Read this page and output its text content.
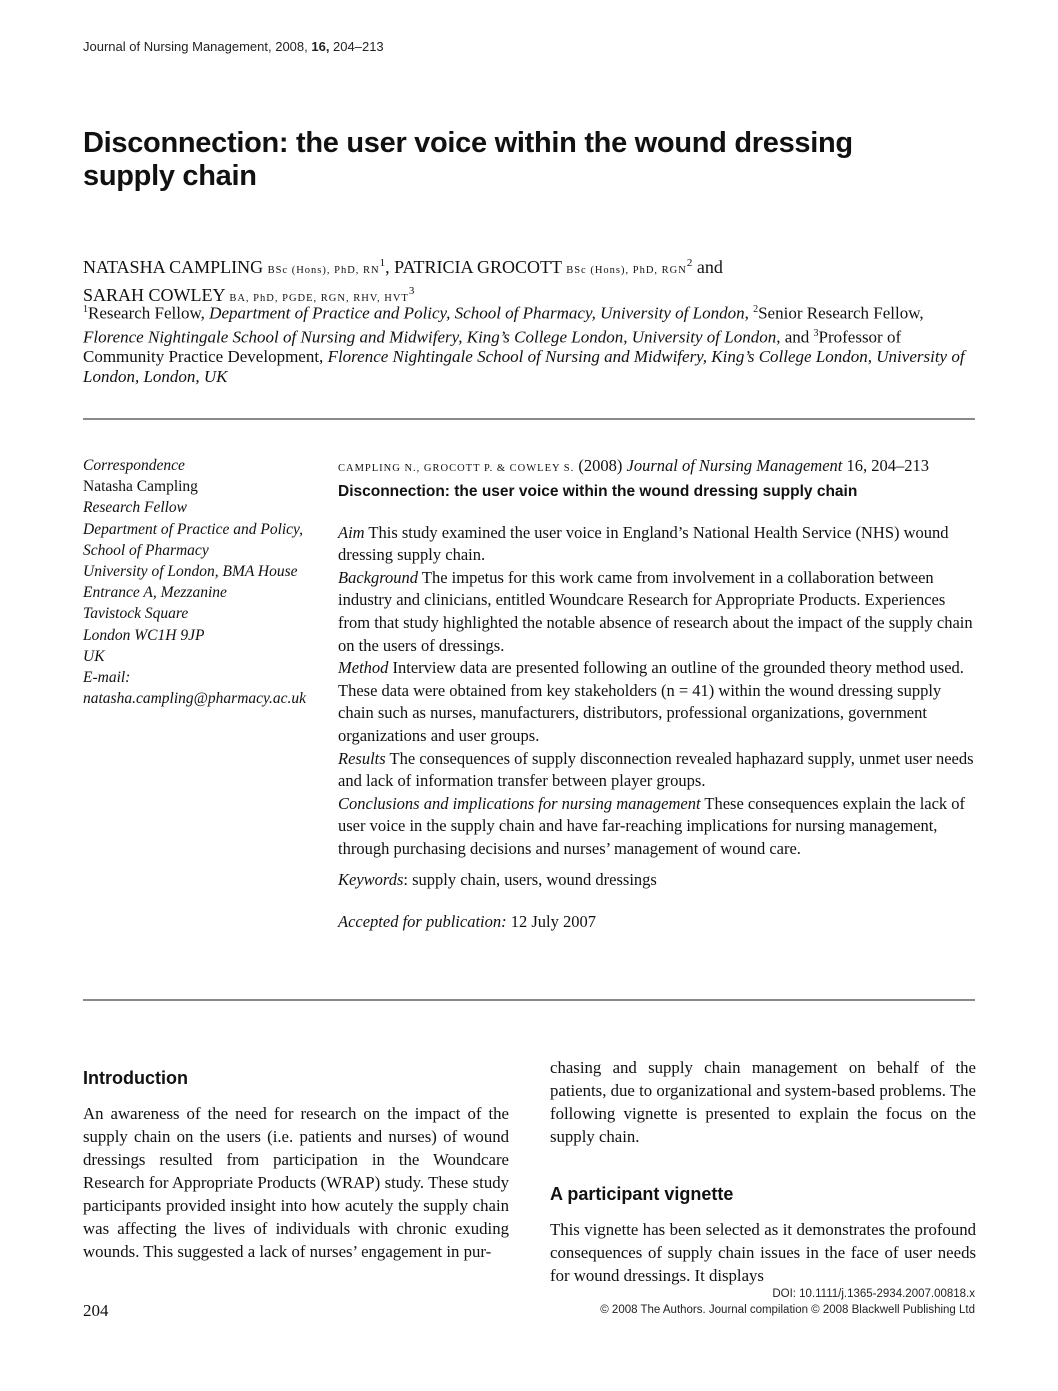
Journal of Nursing Management, 2008, 16, 204–213
Disconnection: the user voice within the wound dressing supply chain
NATASHA CAMPLING BSc (Hons), PhD, $RN^1$, PATRICIA GROCOTT BSc (Hons), PhD, RGN$^2$ and
SARAH COWLEY BA, PhD, PGDE, RGN, RHV, HVT$^3$
$^1$Research Fellow, Department of Practice and Policy, School of Pharmacy, University of London, $^2$Senior Research Fellow, Florence Nightingale School of Nursing and Midwifery, King’s College London, University of London, and $^3$Professor of Community Practice Development, Florence Nightingale School of Nursing and Midwifery, King’s College London, University of London, London, UK
Correspondence
Natasha Campling
Research Fellow
Department of Practice and Policy,
School of Pharmacy
University of London, BMA House
Entrance A, Mezzanine
Tavistock Square
London WC1H 9JP
UK
E-mail:
natasha.campling@pharmacy.ac.uk
CAMPLING N., GROCOTT P. & COWLEY S. (2008) Journal of Nursing Management 16, 204–213
Disconnection: the user voice within the wound dressing supply chain

Aim This study examined the user voice in England’s National Health Service (NHS) wound dressing supply chain.

Background The impetus for this work came from involvement in a collaboration between industry and clinicians, entitled Woundcare Research for Appropriate Products. Experiences from that study highlighted the notable absence of research about the impact of the supply chain on the users of dressings.

Method Interview data are presented following an outline of the grounded theory method used. These data were obtained from key stakeholders (n = 41) within the wound dressing supply chain such as nurses, manufacturers, distributors, professional organizations, government organizations and user groups.

Results The consequences of supply disconnection revealed haphazard supply, unmet user needs and lack of information transfer between player groups.

Conclusions and implications for nursing management These consequences explain the lack of user voice in the supply chain and have far-reaching implications for nursing management, through purchasing decisions and nurses’ management of wound care.

Keywords: supply chain, users, wound dressings

Accepted for publication: 12 July 2007

Introduction

An awareness of the need for research on the impact of the supply chain on the users (i.e. patients and nurses) of wound dressings resulted from participation in the Woundcare Research for Appropriate Products (WRAP) study. These study participants provided insight into how acutely the supply chain was affecting the lives of individuals with chronic exuding wounds. This suggested a lack of nurses’ engagement in pur-

chasing and supply chain management on behalf of the patients, due to organizational and system-based problems. The following vignette is presented to explain the focus on the supply chain.

A participant vignette

This vignette has been selected as it demonstrates the profound consequences of supply chain issues in the face of user needs for wound dressings. It displays

204
DOI: 10.1111/j.1365-2934.2007.00818.x
© 2008 The Authors. Journal compilation © 2008 Blackwell Publishing Ltd
